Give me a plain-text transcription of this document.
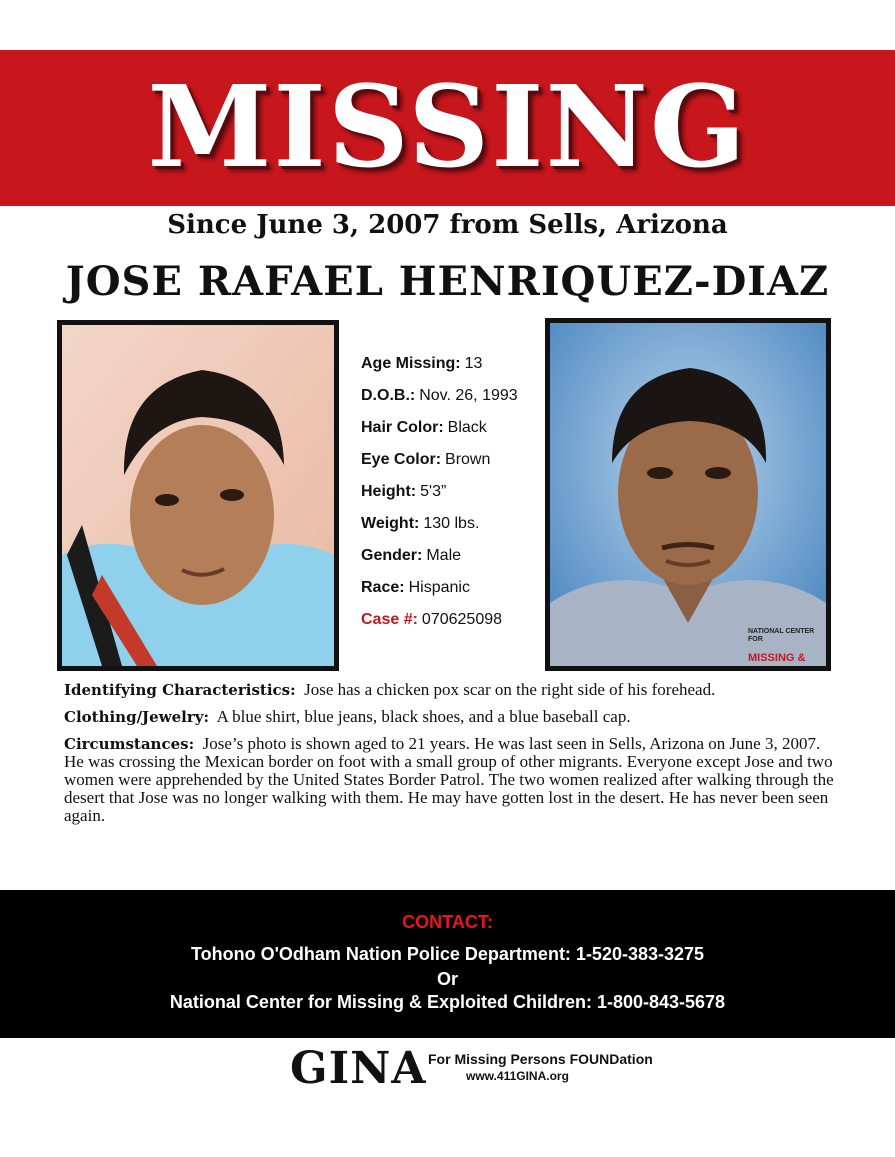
MISSING
Since June 3, 2007 from Sells, Arizona
JOSE RAFAEL HENRIQUEZ-DIAZ
Age Missing: 13
D.O.B.: Nov. 26, 1993
Hair Color: Black
Eye Color: Brown
Height: 5'3”
Weight: 130 lbs.
Gender: Male
Race: Hispanic
Case #: 070625098
NATIONAL CENTER FOR
MISSING &

Identifying Characteristics: Jose has a chicken pox scar on the right side of his forehead.

Clothing/Jewelry: A blue shirt, blue jeans, black shoes, and a blue baseball cap.

Circumstances: Jose’s photo is shown aged to 21 years. He was last seen in Sells, Arizona on June 3, 2007. He was crossing the Mexican border on foot with a small group of other migrants. Everyone except Jose and two women were apprehended by the United States Border Patrol. The two women realized after walking through the desert that Jose was no longer walking with them. He may have gotten lost in the desert. He has never been seen again.

CONTACT:
Tohono O'Odham Nation Police Department: 1-520-383-3275
Or
National Center for Missing & Exploited Children: 1-800-843-5678
GINA For Missing Persons FOUNDation
www.411GINA.org
